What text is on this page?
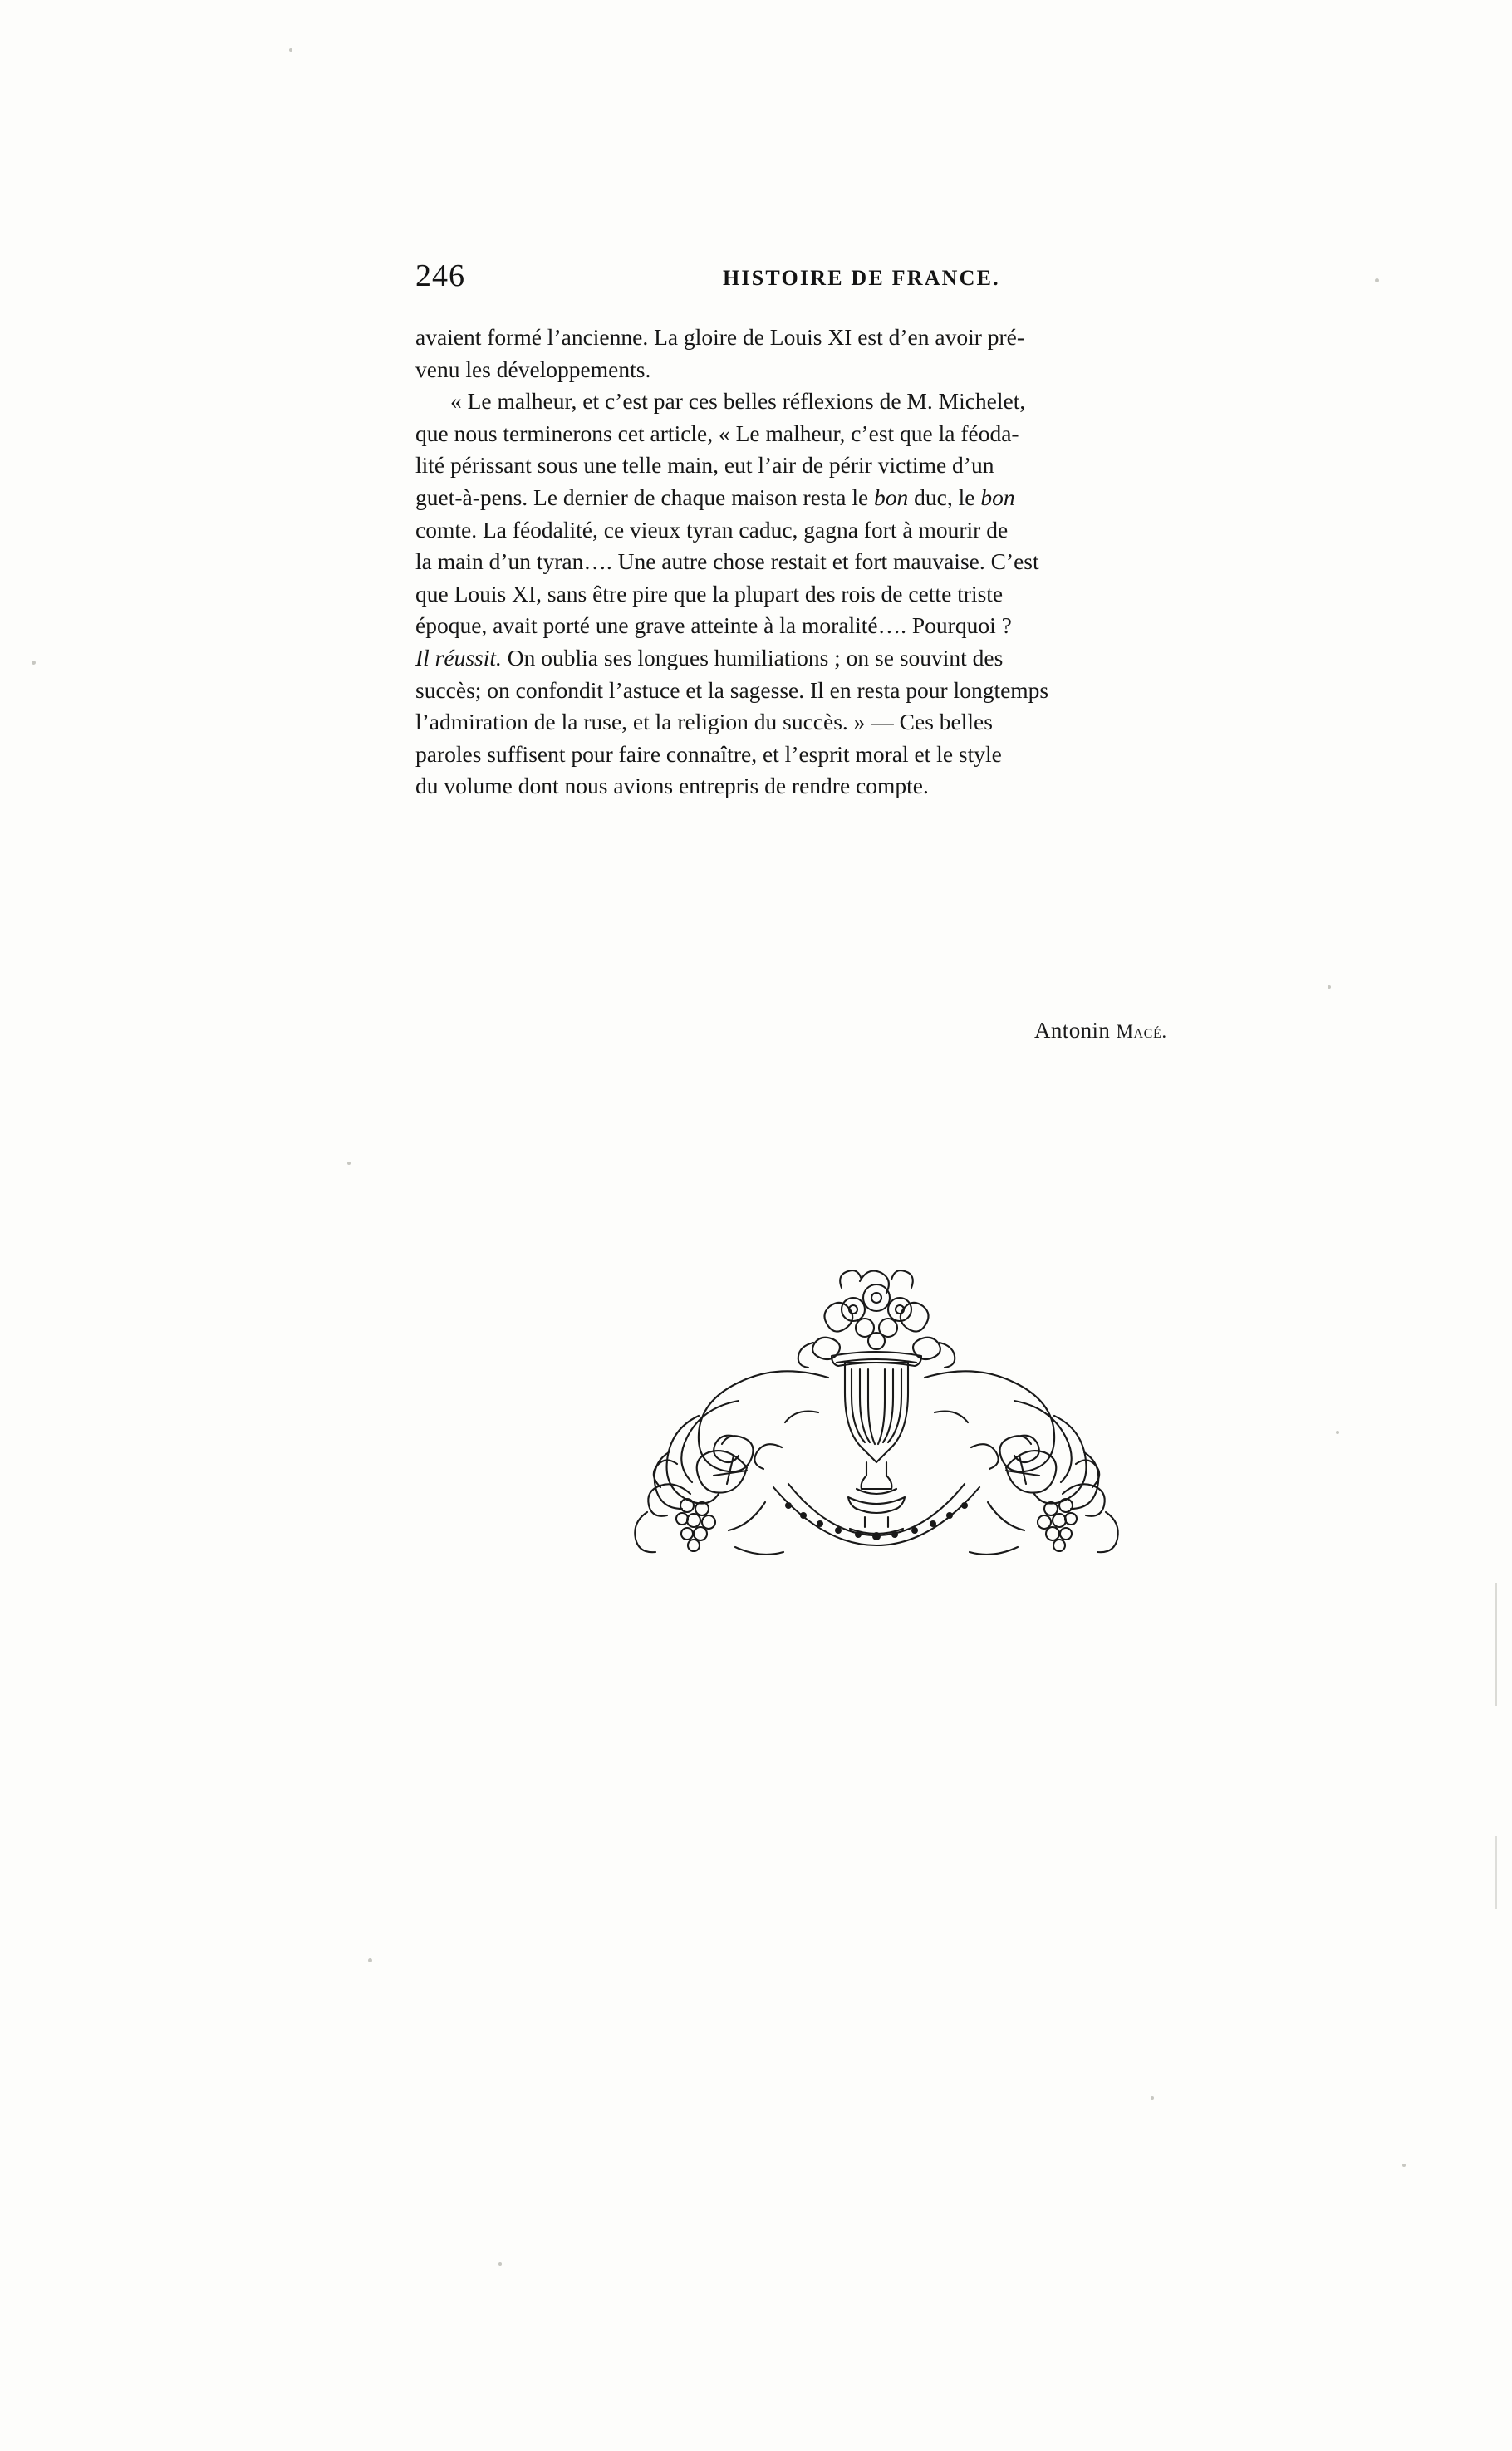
246	HISTOIRE DE FRANCE.
avaient formé l’ancienne. La gloire de Louis XI est d’en avoir pré-
venu les développements.
« Le malheur, et c’est par ces belles réflexions de M. Michelet,
que nous terminerons cet article, « Le malheur, c’est que la féoda-
lité périssant sous une telle main, eut l’air de périr victime d’un
guet-à-pens. Le dernier de chaque maison resta le bon duc, le bon
comte. La féodalité, ce vieux tyran caduc, gagna fort à mourir de
la main d’un tyran…. Une autre chose restait et fort mauvaise. C’est
que Louis XI, sans être pire que la plupart des rois de cette triste
époque, avait porté une grave atteinte à la moralité…. Pourquoi ?
Il réussit. On oublia ses longues humiliations ; on se souvint des
succès; on confondit l’astuce et la sagesse. Il en resta pour longtemps
l’admiration de la ruse, et la religion du succès. » — Ces belles
paroles suffisent pour faire connaître, et l’esprit moral et le style
du volume dont nous avions entrepris de rendre compte.
Antonin Macé.
